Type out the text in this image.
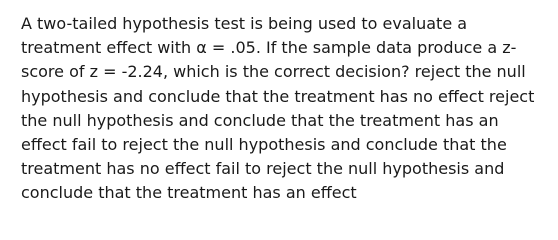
A two-tailed hypothesis test is being used to evaluate a treatment effect with α = .05. If the sample data produce a z-score of z = -2.24, which is the correct decision? reject the null hypothesis and conclude that the treatment has no effect reject the null hypothesis and conclude that the treatment has an effect fail to reject the null hypothesis and conclude that the treatment has no effect fail to reject the null hypothesis and conclude that the treatment has an effect
